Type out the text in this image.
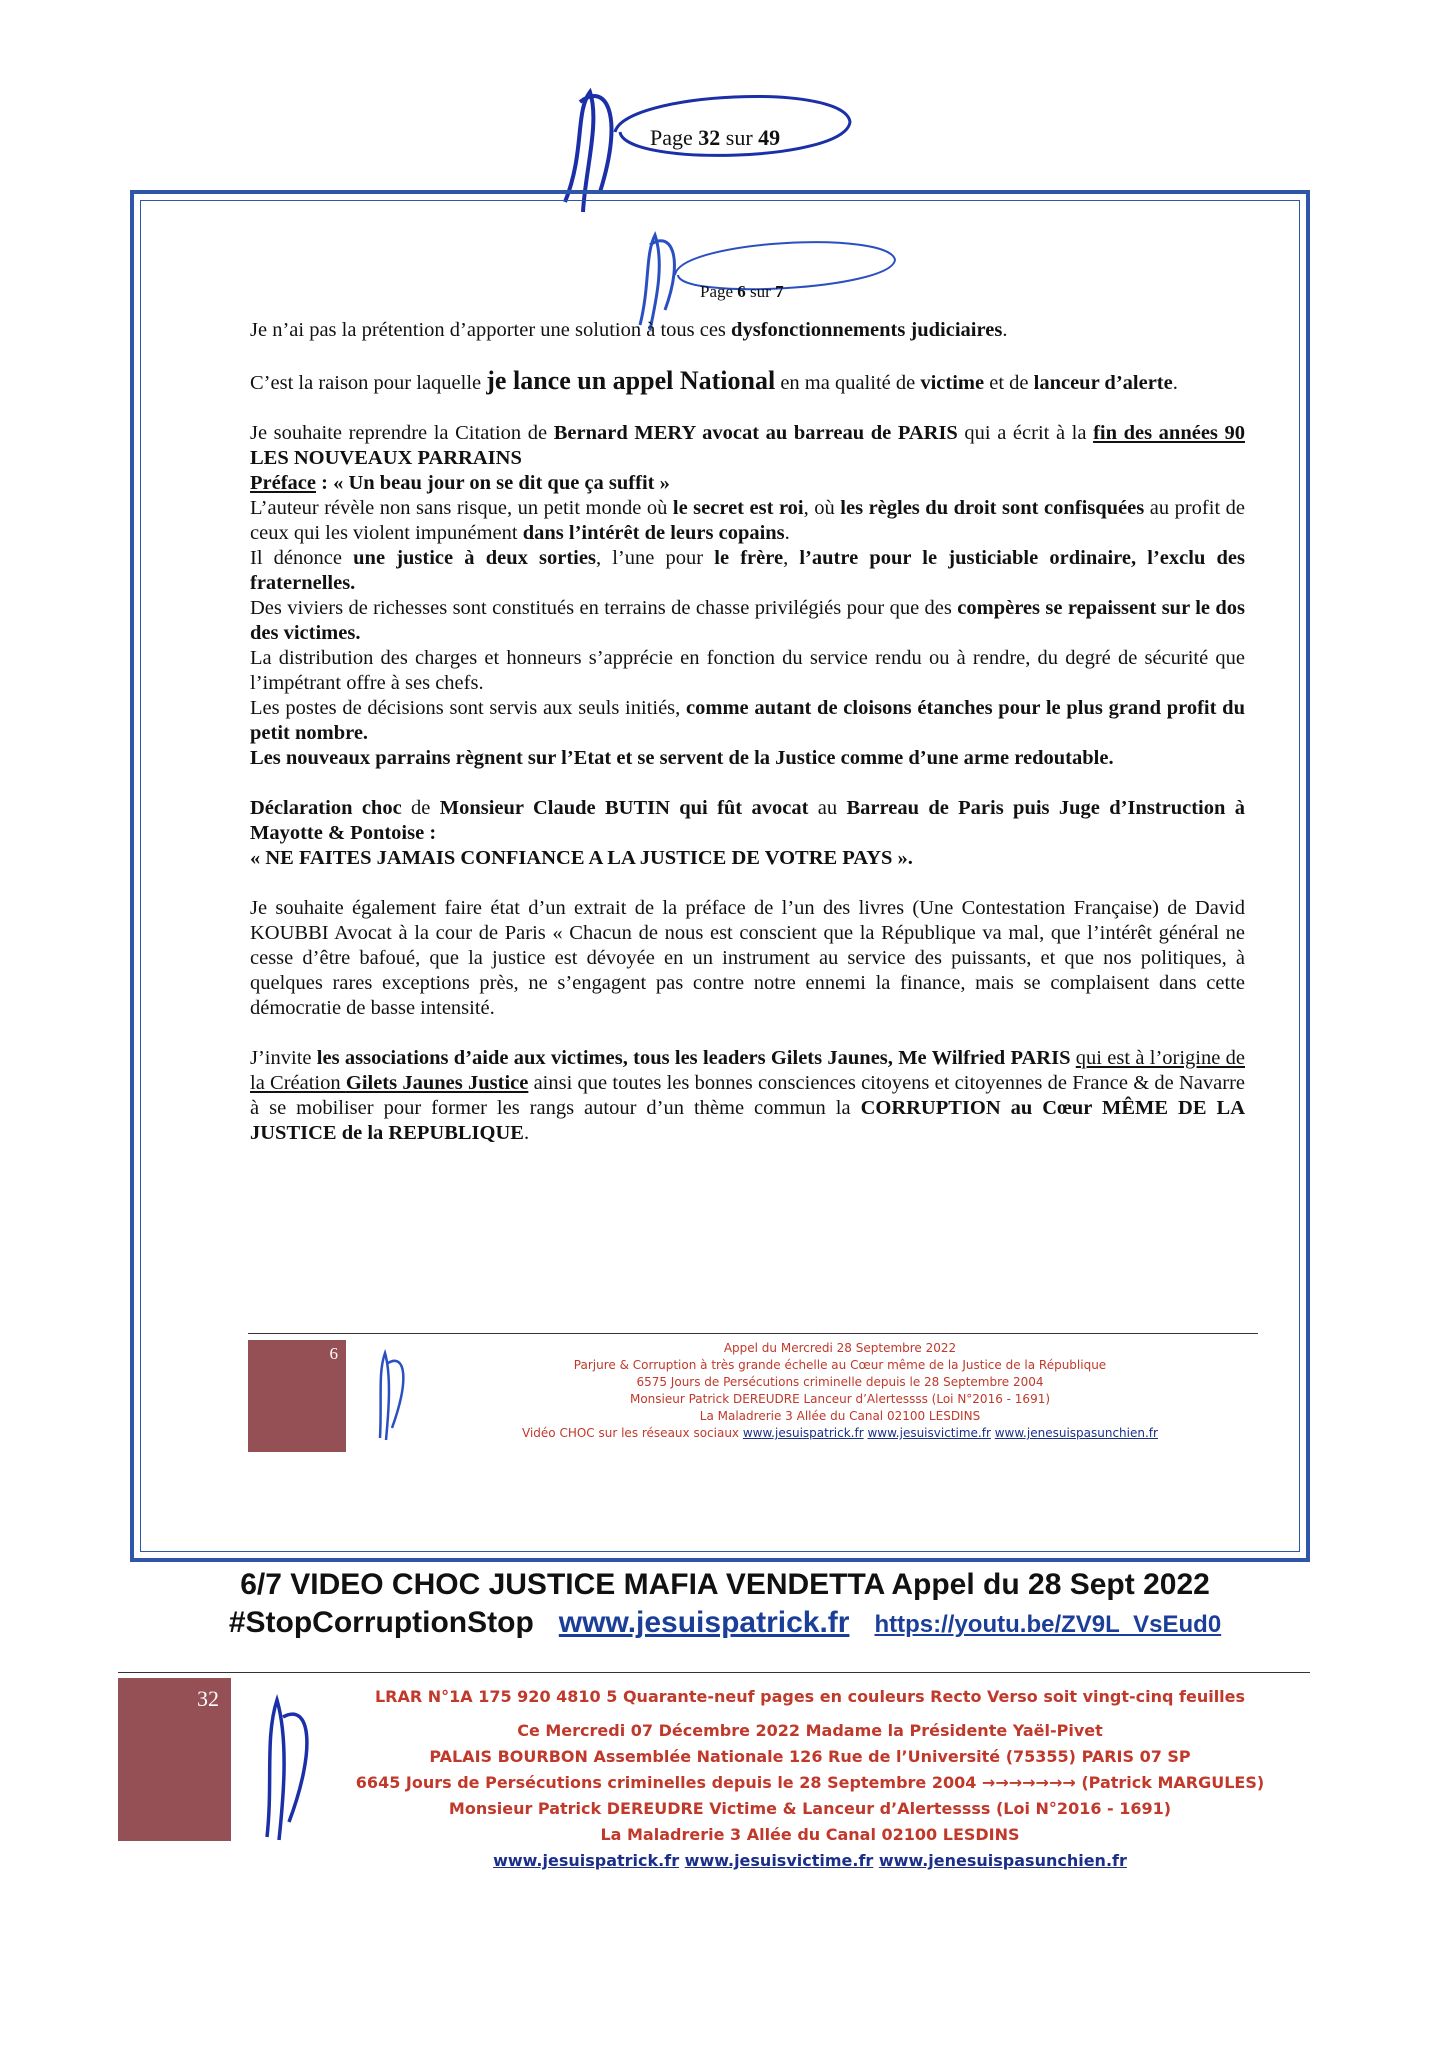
Page 32 sur 49
Page 6 sur 7

Je n’ai pas la prétention d’apporter une solution à tous ces dysfonctionnements judiciaires.

C’est la raison pour laquelle je lance un appel National en ma qualité de victime et de lanceur d’alerte.

Je souhaite reprendre la Citation de Bernard MERY avocat au barreau de PARIS qui a écrit à la fin des années 90 LES NOUVEAUX PARRAINS
Préface : « Un beau jour on se dit que ça suffit »

L’auteur révèle non sans risque, un petit monde où le secret est roi, où les règles du droit sont confisquées au profit de ceux qui les violent impunément dans l’intérêt de leurs copains.

Il dénonce une justice à deux sorties, l’une pour le frère, l’autre pour le justiciable ordinaire, l’exclu des fraternelles.

Des viviers de richesses sont constitués en terrains de chasse privilégiés pour que des compères se repaissent sur le dos des victimes.

La distribution des charges et honneurs s’apprécie en fonction du service rendu ou à rendre, du degré de sécurité que l’impétrant offre à ses chefs.

Les postes de décisions sont servis aux seuls initiés, comme autant de cloisons étanches pour le plus grand profit du petit nombre.

Les nouveaux parrains règnent sur l’Etat et se servent de la Justice comme d’une arme redoutable.

Déclaration choc de Monsieur Claude BUTIN qui fût avocat au Barreau de Paris puis Juge d’Instruction à Mayotte & Pontoise :

« NE FAITES JAMAIS CONFIANCE A LA JUSTICE DE VOTRE PAYS ».

Je souhaite également faire état d’un extrait de la préface de l’un des livres (Une Contestation Française) de David KOUBBI Avocat à la cour de Paris « Chacun de nous est conscient que la République va mal, que l’intérêt général ne cesse d’être bafoué, que la justice est dévoyée en un instrument au service des puissants, et que nos politiques, à quelques rares exceptions près, ne s’engagent pas contre notre ennemi la finance, mais se complaisent dans cette démocratie de basse intensité.

J’invite les associations d’aide aux victimes, tous les leaders Gilets Jaunes, Me Wilfried PARIS qui est à l’origine de la Création Gilets Jaunes Justice ainsi que toutes les bonnes consciences citoyens et citoyennes de France & de Navarre à se mobiliser pour former les rangs autour d’un thème commun la CORRUPTION au Cœur MÊME DE LA JUSTICE de la REPUBLIQUE.

6	Appel du Mercredi 28 Septembre 2022
Parjure & Corruption à très grande échelle au Cœur même de la Justice de la République
6575 Jours de Persécutions criminelle depuis le 28 Septembre 2004
Monsieur Patrick DEREUDRE Lanceur d’Alertessss (Loi N°2016 - 1691)
La Maladrerie 3 Allée du Canal 02100 LESDINS
Vidéo CHOC sur les réseaux sociaux www.jesuispatrick.fr www.jesuisvictime.fr www.jenesuispasunchien.fr
6/7 VIDEO CHOC JUSTICE MAFIA VENDETTA Appel du 28 Sept 2022
#StopCorruptionStop www.jesuispatrick.fr https://youtu.be/ZV9L_VsEud0
32	LRAR N°1A 175 920 4810 5 Quarante-neuf pages en couleurs Recto Verso soit vingt-cinq feuilles
Ce Mercredi 07 Décembre 2022 Madame la Présidente Yaël-Pivet
PALAIS BOURBON Assemblée Nationale 126 Rue de l’Université (75355) PARIS 07 SP
6645 Jours de Persécutions criminelles depuis le 28 Septembre 2004 →→→→→→→ (Patrick MARGULES)
Monsieur Patrick DEREUDRE Victime & Lanceur d’Alertessss (Loi N°2016 - 1691)
La Maladrerie 3 Allée du Canal 02100 LESDINS
www.jesuispatrick.fr www.jesuisvictime.fr www.jenesuispasunchien.fr
